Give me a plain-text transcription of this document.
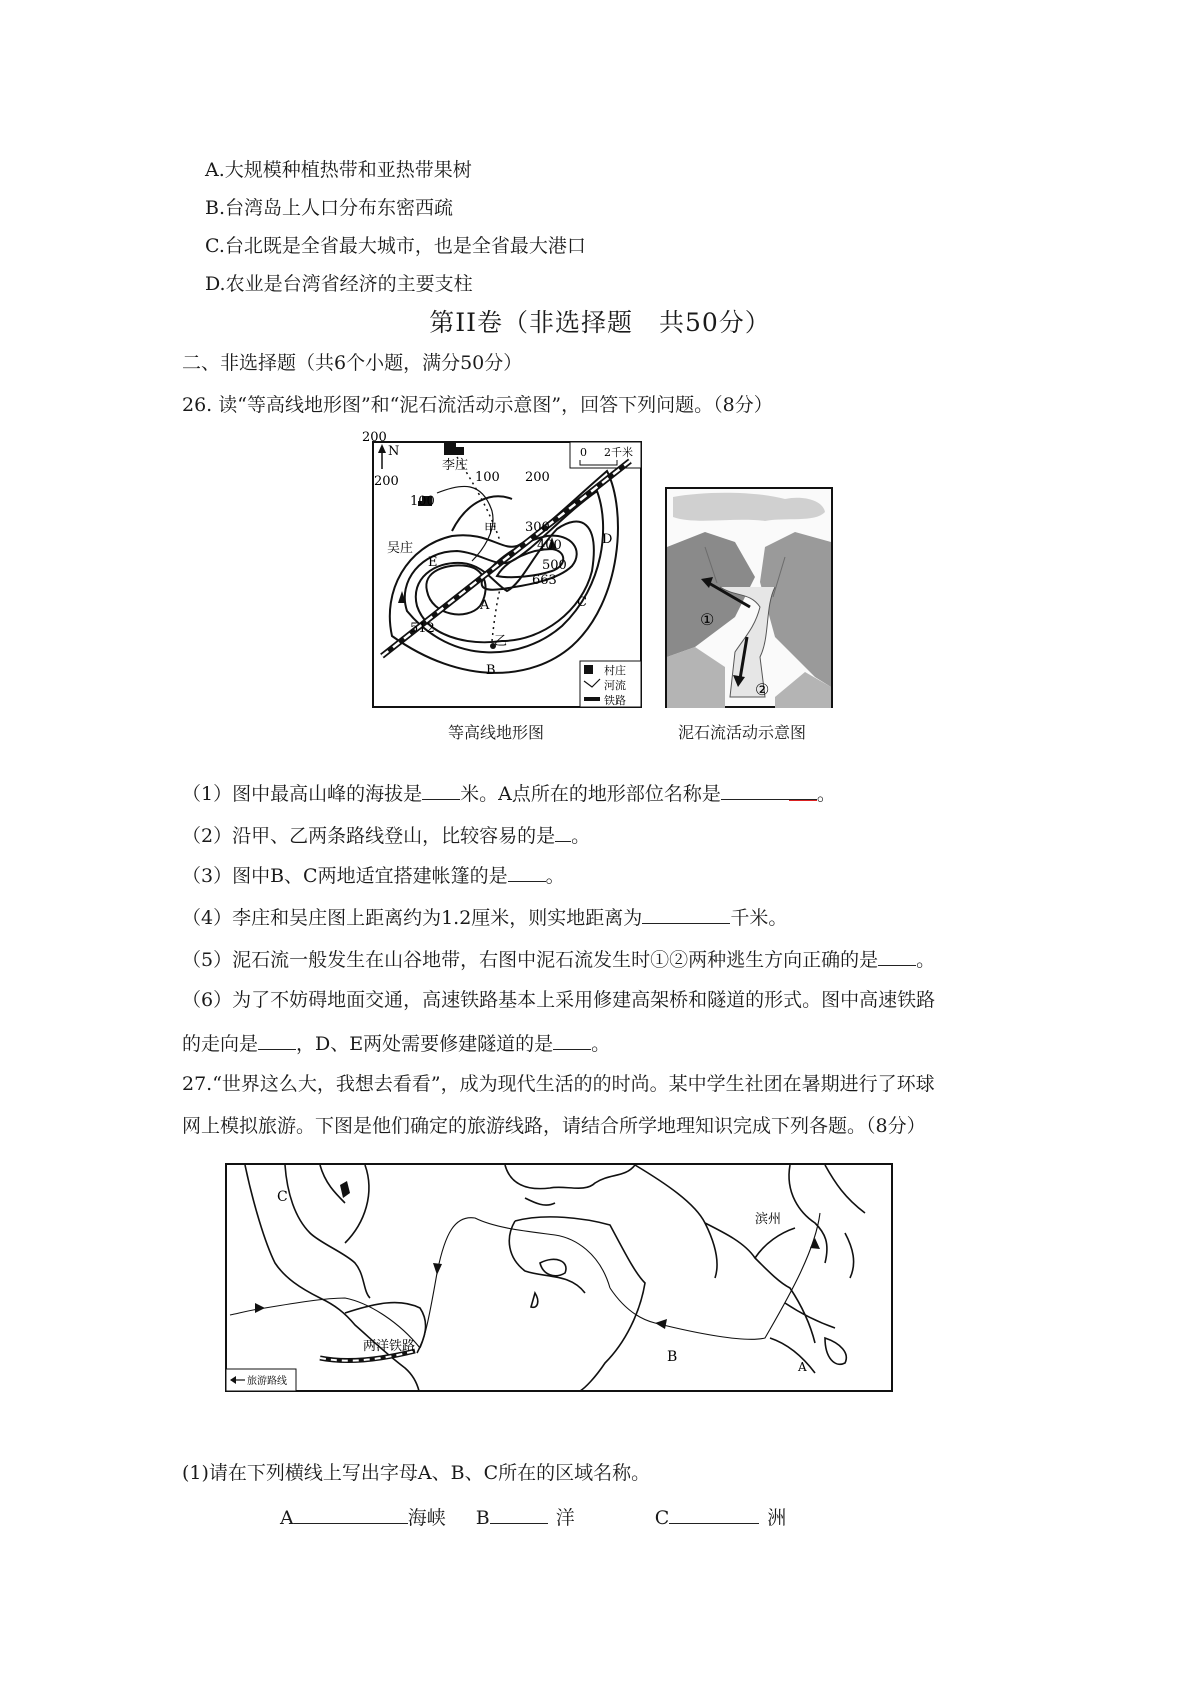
A.大规模种植热带和亚热带果树
B.台湾岛上人口分布东密西疏
C.台北既是全省最大城市，也是全省最大港口
D.农业是台湾省经济的主要支柱
第II卷（非选择题　共50分）
二、非选择题（共6个小题，满分50分）
26. 读“等高线地形图”和“泥石流活动示意图”，回答下列问题。（8分）
N	0 2千米
200
200
100
100 200
300
400
500
663
512
李庄
吴庄
甲
乙
A
B
C
D
E
村庄
河流
铁路
等高线地形图
①
②
泥石流活动示意图
（1）图中最高山峰的海拔是 米。A点所在的地形部位名称是	。
（2）沿甲、乙两条路线登山，比较容易的是 。
（3）图中B、C两地适宜搭建帐篷的是 。
（4）李庄和吴庄图上距离约为1.2厘米，则实地距离为	千米。
（5）泥石流一般发生在山谷地带，右图中泥石流发生时①②两种逃生方向正确的是 。
（6）为了不妨碍地面交通，高速铁路基本上采用修建高架桥和隧道的形式。图中高速铁路
的走向是 ，D、E两处需要修建隧道的是 。
27.“世界这么大，我想去看看”，成为现代生活的的时尚。某中学生社团在暑期进行了环球
网上模拟旅游。下图是他们确定的旅游线路，请结合所学地理知识完成下列各题。（8分）
C
B
A
滨州
两洋铁路
旅游路线
(1)请在下列横线上写出字母A、B、C所在的区域名称。
A	海峡 B	洋	C	洲
